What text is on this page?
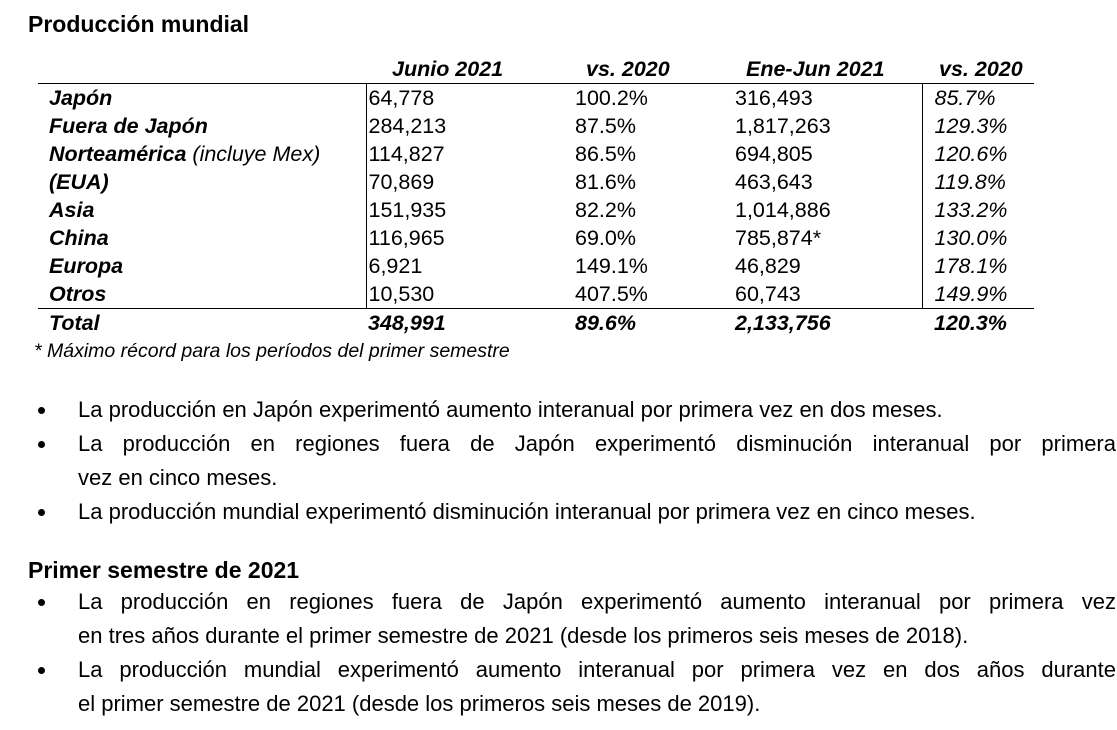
Producción mundial
	Junio 2021	vs. 2020	Ene-Jun 2021	vs. 2020
Japón	64,778	100.2%	316,493	85.7%
Fuera de Japón	284,213	87.5%	1,817,263	129.3%
Norteamérica (incluye Mex)	114,827	86.5%	694,805	120.6%
(EUA)	70,869	81.6%	463,643	119.8%
Asia	151,935	82.2%	1,014,886	133.2%
China	116,965	69.0%	785,874*	130.0%
Europa	6,921	149.1%	46,829	178.1%
Otros	10,530	407.5%	60,743	149.9%
Total	348,991	89.6%	2,133,756	120.3%
* Máximo récord para los períodos del primer semestre
La producción en Japón experimentó aumento interanual por primera vez en dos meses.
La producción en regiones fuera de Japón experimentó disminución interanual por primera
vez en cinco meses.
La producción mundial experimentó disminución interanual por primera vez en cinco meses.
Primer semestre de 2021
La producción en regiones fuera de Japón experimentó aumento interanual por primera vez
en tres años durante el primer semestre de 2021 (desde los primeros seis meses de 2018).
La producción mundial experimentó aumento interanual por primera vez en dos años durante
el primer semestre de 2021 (desde los primeros seis meses de 2019).
